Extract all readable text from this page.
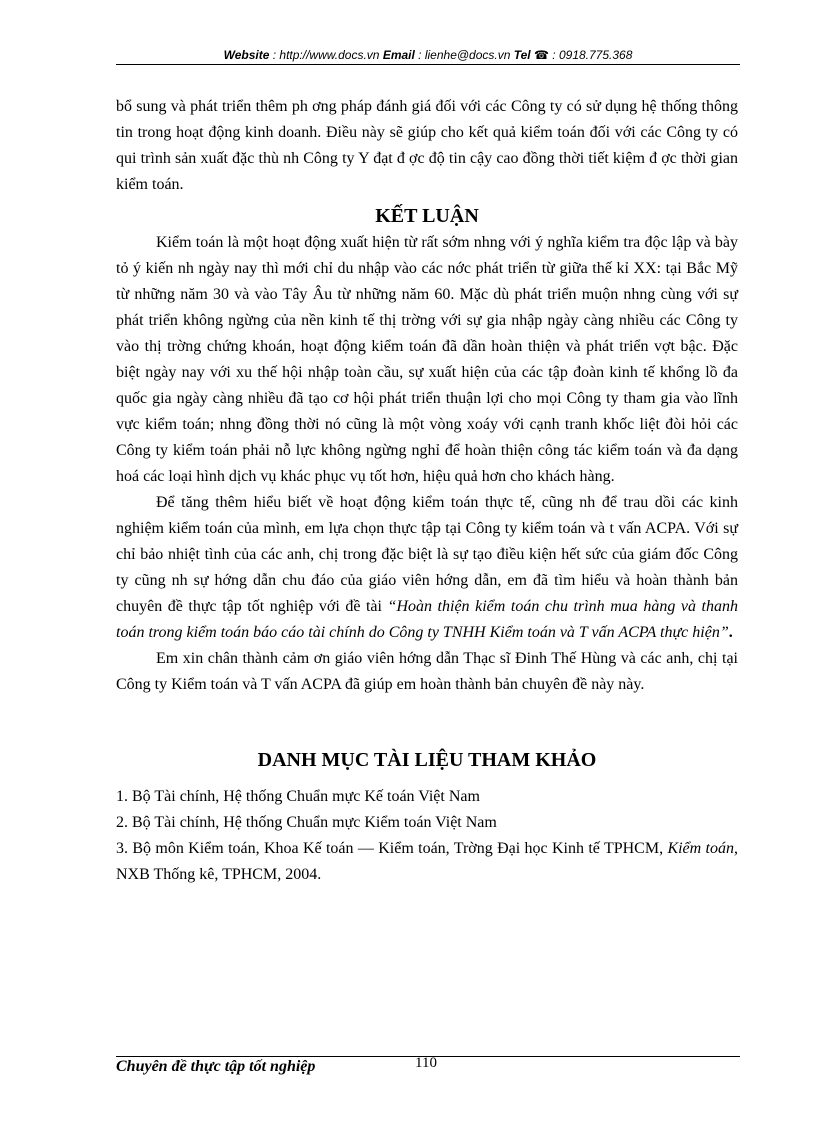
Website : http://www.docs.vn Email : lienhe@docs.vn Tel ☎ : 0918.775.368

bổ sung và phát triển thêm ph ơng pháp đánh giá đối với các Công ty có sử dụng hệ thống thông tin trong hoạt động kinh doanh. Điều này sẽ giúp cho kết quả kiểm toán đối với các Công ty có qui trình sản xuất đặc thù nh Công ty Y đạt đ ợc độ tin cậy cao đồng thời tiết kiệm đ ợc thời gian kiểm toán.

KẾT LUẬN

Kiểm toán là một hoạt động xuất hiện từ rất sớm nhng với ý nghĩa kiểm tra độc lập và bày tỏ ý kiến nh ngày nay thì mới chỉ du nhập vào các nớc phát triển từ giữa thế kỉ XX: tại Bắc Mỹ từ những năm 30 và vào Tây Âu từ những năm 60. Mặc dù phát triển muộn nhng cùng với sự phát triển không ngừng của nền kinh tế thị trờng với sự gia nhập ngày càng nhiều các Công ty vào thị trờng chứng khoán, hoạt động kiểm toán đã dần hoàn thiện và phát triển vợt bậc. Đặc biệt ngày nay với xu thế hội nhập toàn cầu, sự xuất hiện của các tập đoàn kinh tế khổng lồ đa quốc gia ngày càng nhiều đã tạo cơ hội phát triển thuận lợi cho mọi Công ty tham gia vào lĩnh vực kiểm toán; nhng đồng thời nó cũng là một vòng xoáy với cạnh tranh khốc liệt đòi hỏi các Công ty kiểm toán phải nỗ lực không ngừng nghỉ để hoàn thiện công tác kiểm toán và đa dạng hoá các loại hình dịch vụ khác phục vụ tốt hơn, hiệu quả hơn cho khách hàng.

Để tăng thêm hiểu biết về hoạt động kiểm toán thực tế, cũng nh để trau dồi các kinh nghiệm kiểm toán của mình, em lựa chọn thực tập tại Công ty kiểm toán và t vấn ACPA. Với sự chỉ bảo nhiệt tình của các anh, chị trong đặc biệt là sự tạo điều kiện hết sức của giám đốc Công ty cũng nh sự hớng dẫn chu đáo của giáo viên hớng dẫn, em đã tìm hiểu và hoàn thành bản chuyên đề thực tập tốt nghiệp với đề tài “Hoàn thiện kiểm toán chu trình mua hàng và thanh toán trong kiểm toán báo cáo tài chính do Công ty TNHH Kiểm toán và T vấn ACPA thực hiện”.

Em xin chân thành cảm ơn giáo viên hớng dẫn Thạc sĩ Đinh Thế Hùng và các anh, chị tại Công ty Kiểm toán và T vấn ACPA đã giúp em hoàn thành bản chuyên đề này này.

DANH MỤC TÀI LIỆU THAM KHẢO

1. Bộ Tài chính, Hệ thống Chuẩn mực Kế toán Việt Nam

2. Bộ Tài chính, Hệ thống Chuẩn mực Kiểm toán Việt Nam

3. Bộ môn Kiểm toán, Khoa Kế toán — Kiểm toán, Trờng Đại học Kinh tế TPHCM, Kiểm toán, NXB Thống kê, TPHCM, 2004.

Chuyên đề thực tập tốt nghiệp	110
